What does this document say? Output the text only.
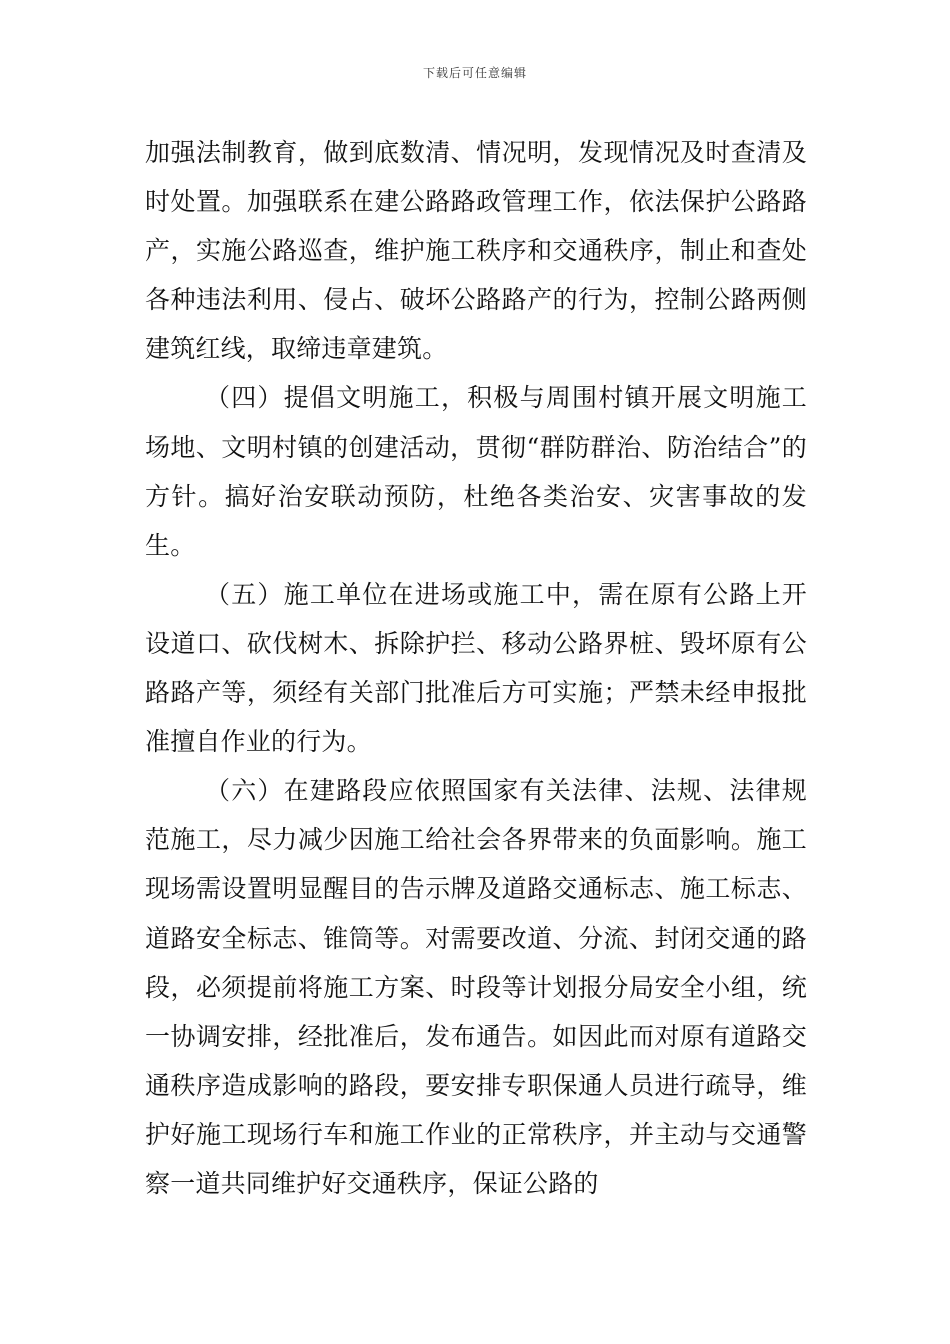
下载后可任意编辑

加强法制教育，做到底数清、情况明，发现情况及时查清及时处置。加强联系在建公路路政管理工作，依法保护公路路产，实施公路巡查，维护施工秩序和交通秩序，制止和查处各种违法利用、侵占、破坏公路路产的行为，控制公路两侧建筑红线，取缔违章建筑。

（四）提倡文明施工，积极与周围村镇开展文明施工场地、文明村镇的创建活动，贯彻“群防群治、防治结合”的方针。搞好治安联动预防，杜绝各类治安、灾害事故的发生。

（五）施工单位在进场或施工中，需在原有公路上开设道口、砍伐树木、拆除护拦、移动公路界桩、毁坏原有公路路产等，须经有关部门批准后方可实施；严禁未经申报批准擅自作业的行为。

（六）在建路段应依照国家有关法律、法规、法律规范施工，尽力减少因施工给社会各界带来的负面影响。施工现场需设置明显醒目的告示牌及道路交通标志、施工标志、道路安全标志、锥筒等。对需要改道、分流、封闭交通的路段，必须提前将施工方案、时段等计划报分局安全小组，统一协调安排，经批准后，发布通告。如因此而对原有道路交通秩序造成影响的路段，要安排专职保通人员进行疏导，维护好施工现场行车和施工作业的正常秩序，并主动与交通警察一道共同维护好交通秩序，保证公路的
